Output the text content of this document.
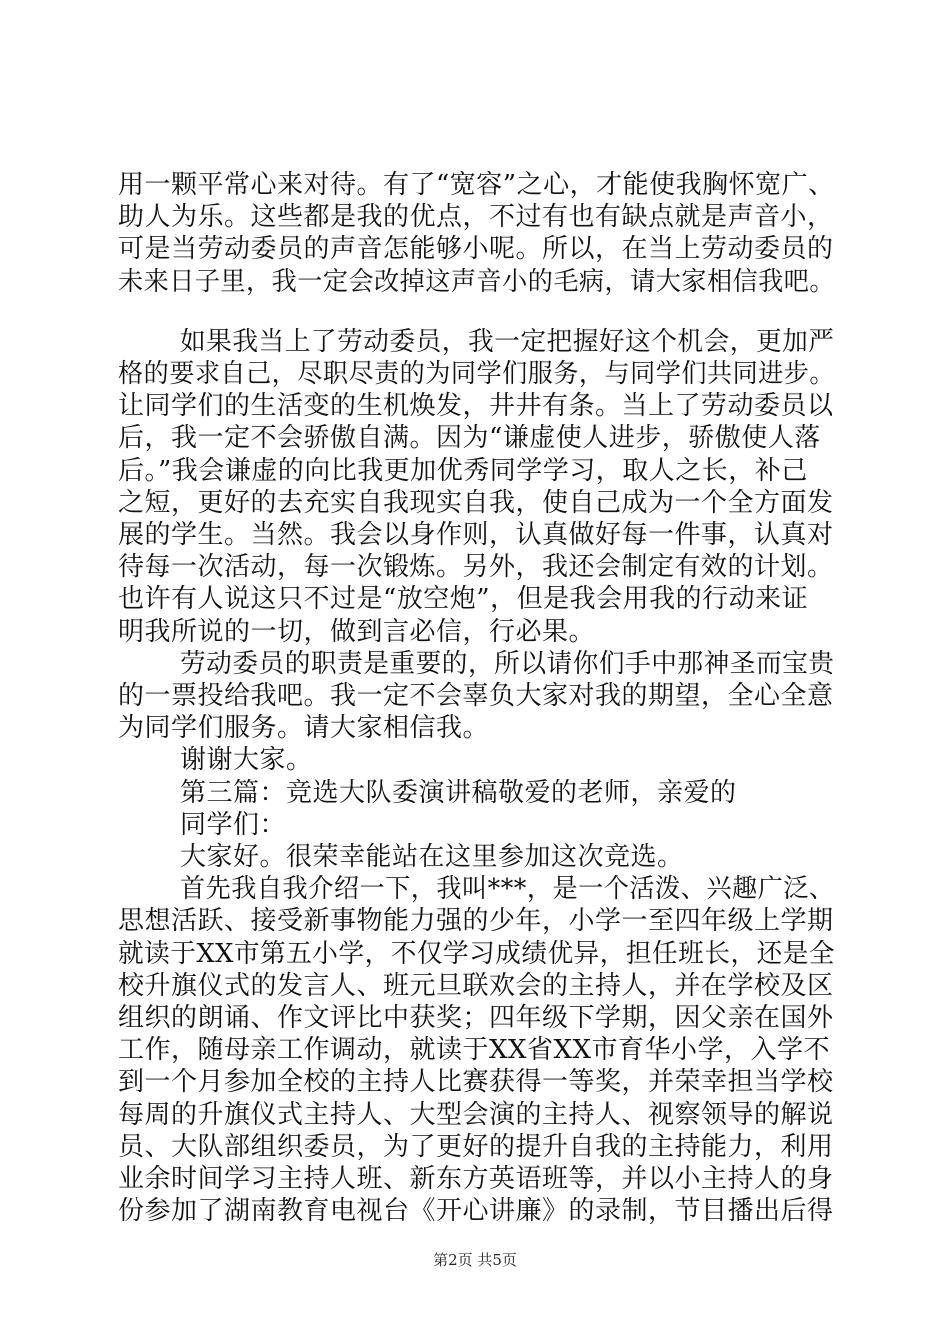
用一颗平常心来对待。有了“宽容”之心，才能使我胸怀宽广、
助人为乐。这些都是我的优点，不过有也有缺点就是声音小，
可是当劳动委员的声音怎能够小呢。所以，在当上劳动委员的
未来日子里，我一定会改掉这声音小的毛病，请大家相信我吧。
如果我当上了劳动委员，我一定把握好这个机会，更加严
格的要求自己，尽职尽责的为同学们服务，与同学们共同进步。
让同学们的生活变的生机焕发，井井有条。当上了劳动委员以
后，我一定不会骄傲自满。因为“谦虚使人进步，骄傲使人落
后。”我会谦虚的向比我更加优秀同学学习，取人之长，补己
之短，更好的去充实自我现实自我，使自己成为一个全方面发
展的学生。当然。我会以身作则，认真做好每一件事，认真对
待每一次活动，每一次锻炼。另外，我还会制定有效的计划。
也许有人说这只不过是“放空炮”，但是我会用我的行动来证
明我所说的一切，做到言必信，行必果。
劳动委员的职责是重要的，所以请你们手中那神圣而宝贵
的一票投给我吧。我一定不会辜负大家对我的期望，全心全意
为同学们服务。请大家相信我。
谢谢大家。
第三篇：竞选大队委演讲稿敬爱的老师，亲爱的
同学们：
大家好。很荣幸能站在这里参加这次竞选。
首先我自我介绍一下，我叫***，是一个活泼、兴趣广泛、
思想活跃、接受新事物能力强的少年，小学一至四年级上学期
就读于XX市第五小学，不仅学习成绩优异，担任班长，还是全
校升旗仪式的发言人、班元旦联欢会的主持人，并在学校及区
组织的朗诵、作文评比中获奖；四年级下学期，因父亲在国外
工作，随母亲工作调动，就读于XX省XX市育华小学，入学不
到一个月参加全校的主持人比赛获得一等奖，并荣幸担当学校
每周的升旗仪式主持人、大型会演的主持人、视察领导的解说
员、大队部组织委员，为了更好的提升自我的主持能力，利用
业余时间学习主持人班、新东方英语班等，并以小主持人的身
份参加了湖南教育电视台《开心讲廉》的录制，节目播出后得
第2页 共5页
